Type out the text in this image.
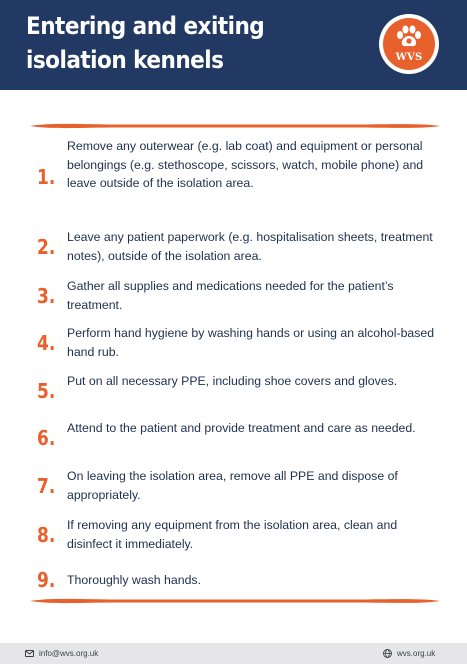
Entering and exiting
isolation kennels	WVS
1.
Remove any outerwear (e.g. lab coat) and equipment or personal belongings (e.g. stethoscope, scissors, watch, mobile phone) and leave outside of the isolation area.
2. Leave any patient paperwork (e.g. hospitalisation sheets, treatment notes), outside of the isolation area.
3. Gather all supplies and medications needed for the patient’s treatment.
4. Perform hand hygiene by washing hands or using an alcohol-based hand rub.
5. Put on all necessary PPE, including shoe covers and gloves.
6. Attend to the patient and provide treatment and care as needed.
7. On leaving the isolation area, remove all PPE and dispose of appropriately.
8. If removing any equipment from the isolation area, clean and disinfect it immediately.
9. Thoroughly wash hands.
info@wvs.org.uk	wvs.org.uk
